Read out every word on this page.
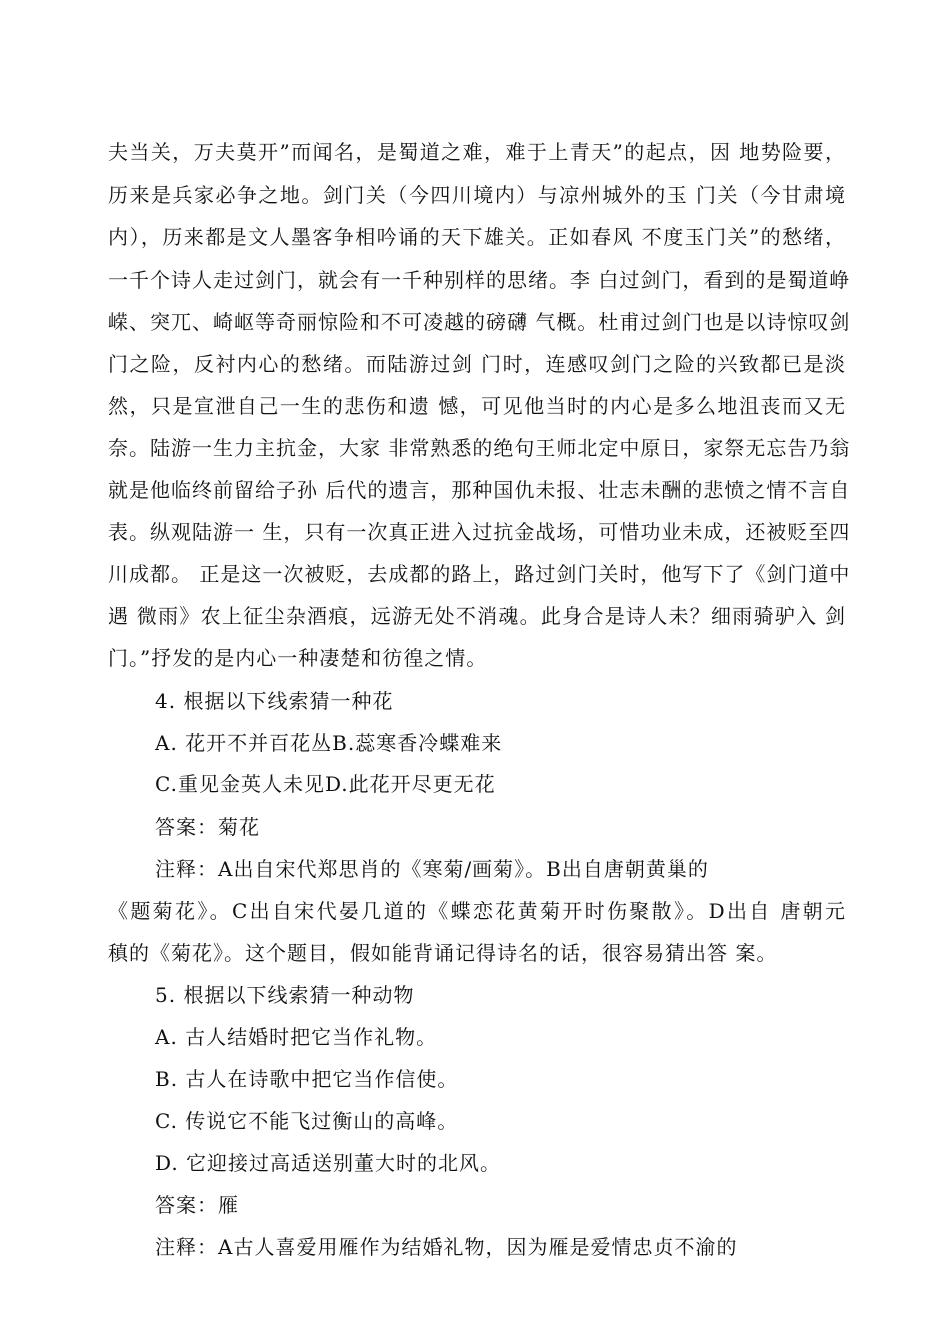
夫当关，万夫莫开”而闻名，是蜀道之难，难于上青天”的起点，因 地势险要，
历来是兵家必争之地。剑门关（今四川境内）与凉州城外的玉 门关（今甘肃境
内），历来都是文人墨客争相吟诵的天下雄关。正如春风 不度玉门关”的愁绪，
一千个诗人走过剑门，就会有一千种别样的思绪。李 白过剑门，看到的是蜀道峥
嵘、突兀、崎岖等奇丽惊险和不可凌越的磅礴 气概。杜甫过剑门也是以诗惊叹剑
门之险，反衬内心的愁绪。而陆游过剑 门时，连感叹剑门之险的兴致都已是淡
然，只是宣泄自己一生的悲伤和遗 憾，可见他当时的内心是多么地沮丧而又无
奈。陆游一生力主抗金，大家 非常熟悉的绝句王师北定中原日，家祭无忘告乃翁
就是他临终前留给子孙 后代的遗言，那种国仇未报、壮志未酬的悲愤之情不言自
表。纵观陆游一 生，只有一次真正进入过抗金战场，可惜功业未成，还被贬至四
川成都。 正是这一次被贬，去成都的路上，路过剑门关时，他写下了《剑门道中
遇 微雨》农上征尘杂酒痕，远游无处不消魂。此身合是诗人未？细雨骑驴入 剑
门。”抒发的是内心一种凄楚和彷徨之情。
4. 根据以下线索猜一种花
A. 花开不并百花丛B.蕊寒香冷蝶难来
C.重见金英人未见D.此花开尽更无花
答案：菊花
注释：A出自宋代郑思肖的《寒菊/画菊》。B出自唐朝黄巢的
《题菊花》。C出自宋代晏几道的《蝶恋花黄菊开时伤聚散》。D出自 唐朝元
稹的《菊花》。这个题目，假如能背诵记得诗名的话，很容易猜出答 案。
5. 根据以下线索猜一种动物
A. 古人结婚时把它当作礼物。
B. 古人在诗歌中把它当作信使。
C. 传说它不能飞过衡山的高峰。
D. 它迎接过高适送别董大时的北风。
答案：雁
注释：A古人喜爱用雁作为结婚礼物，因为雁是爱情忠贞不渝的
